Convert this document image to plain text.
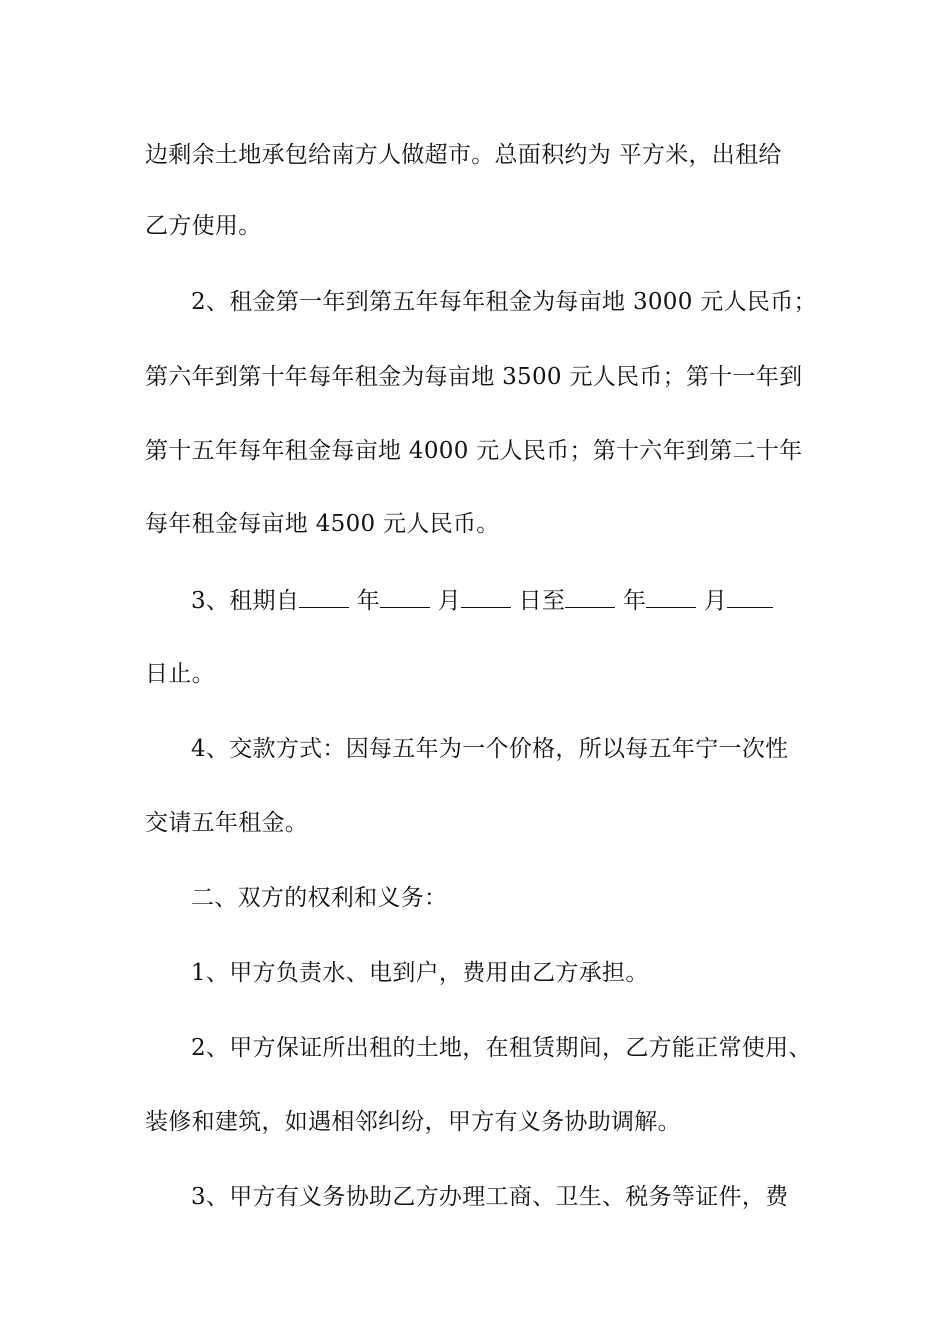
边剩余土地承包给南方人做超市。总面积约为 平方米，出租给
乙方使用。
2、租金第一年到第五年每年租金为每亩地 3000 元人民币；
第六年到第十年每年租金为每亩地 3500 元人民币；第十一年到
第十五年每年租金每亩地 4000 元人民币；第十六年到第二十年
每年租金每亩地 4500 元人民币。
3、租期自	年	月	日至	年	月
日止。
4、交款方式：因每五年为一个价格，所以每五年宁一次性
交请五年租金。
二、双方的权利和义务：
1、甲方负责水、电到户，费用由乙方承担。
2、甲方保证所出租的土地，在租赁期间，乙方能正常使用、
装修和建筑，如遇相邻纠纷，甲方有义务协助调解。
3、甲方有义务协助乙方办理工商、卫生、税务等证件，费
